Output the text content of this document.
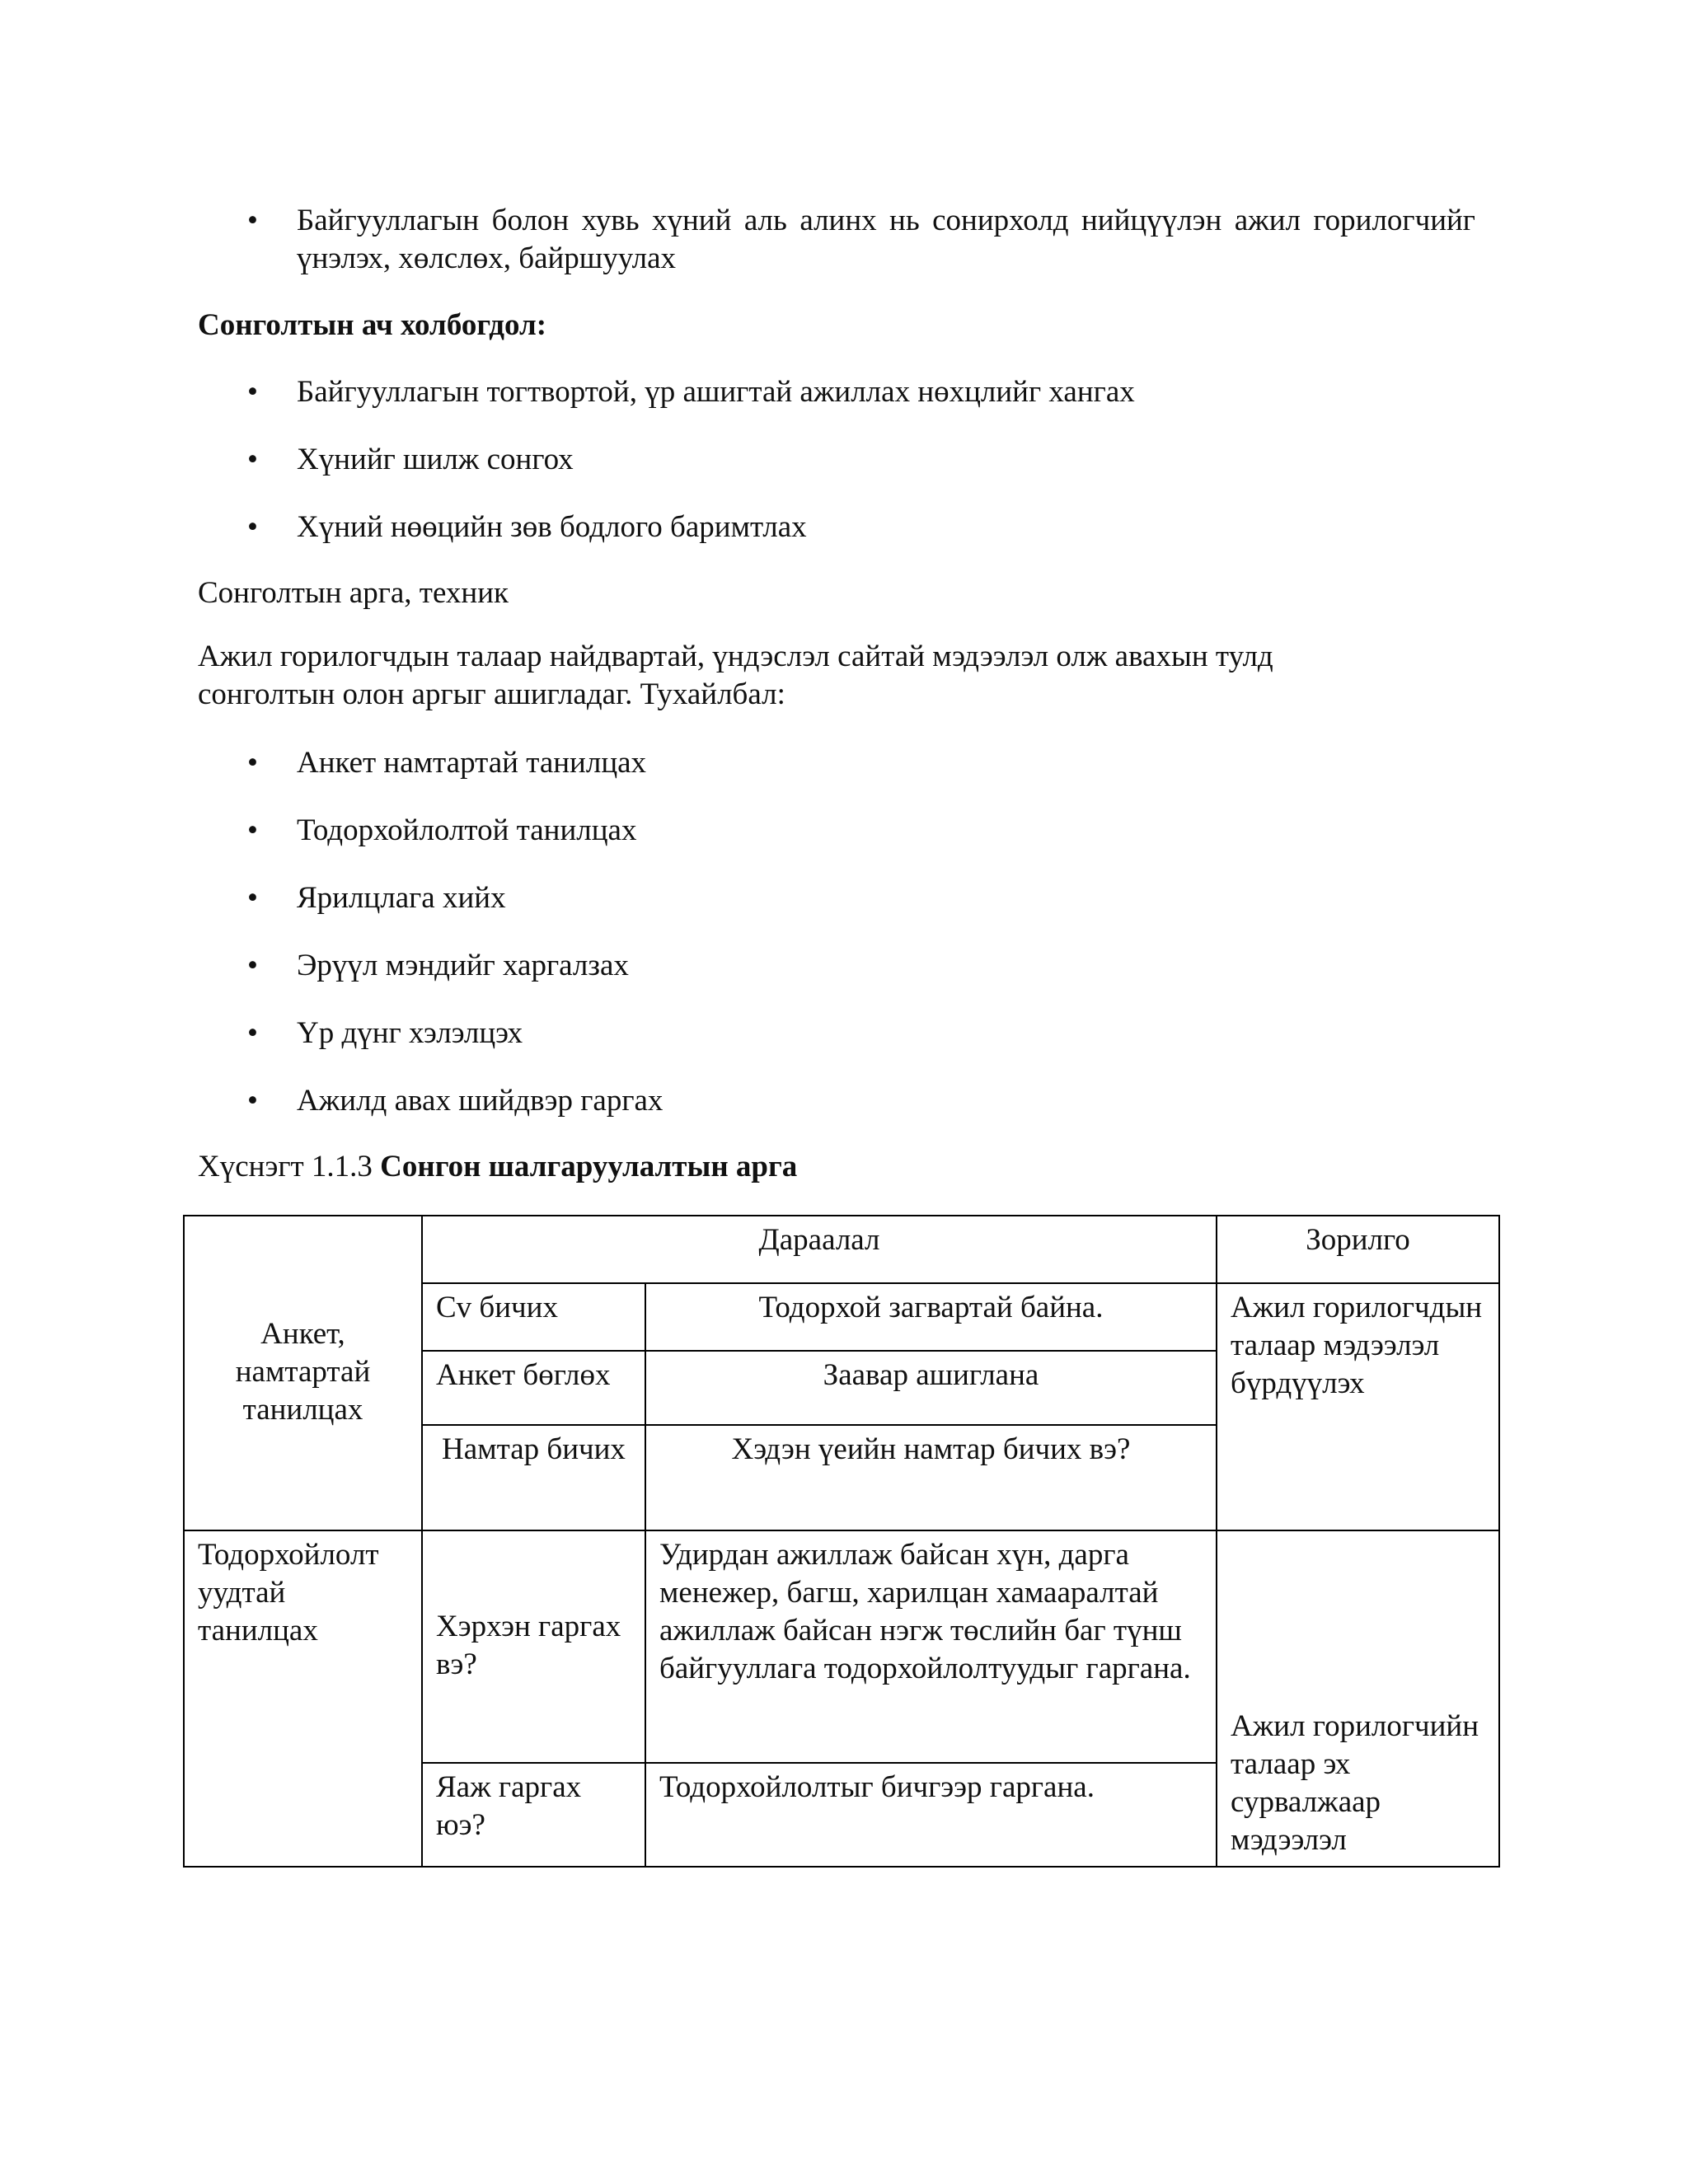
•	Байгууллагын болон хувь хүний аль алинх нь сонирхолд нийцүүлэн ажил горилогчийг үнэлэх, хөлслөх, байршуулах

Сонголтын ач холбогдол:

•	Байгууллагын тогтвортой, үр ашигтай ажиллах нөхцлийг хангах

•	Хүнийг шилж сонгох

•	Хүний нөөцийн зөв бодлого баримтлах

Сонголтын арга, техник

Ажил горилогчдын талаар найдвартай, үндэслэл сайтай мэдээлэл олж авахын тулд сонголтын олон аргыг ашигладаг. Тухайлбал:

•	Анкет намтартай танилцах

•	Тодорхойлолтой танилцах

•	Ярилцлага хийх

•	Эрүүл мэндийг харгалзах

•	Үр дүнг хэлэлцэх

•	Ажилд авах шийдвэр гаргах

Хүснэгт 1.1.3 Сонгон шалгаруулалтын арга

Анкет, намтартай танилцах	Дараалал		Зорилго
	Cv бичих	Тодорхой загвартай байна.	Ажил горилогчдын талаар мэдээлэл бүрдүүлэх
	Анкет бөглөх	Заавар ашиглана	
	Намтар бичих	Хэдэн үеийн намтар бичих вэ?	
Тодорхойлолт уудтай танилцах	Хэрхэн гаргах вэ?	Удирдан ажиллаж байсан хүн, дарга менежер, багш, харилцан хамааралтай ажиллаж байсан нэгж төслийн баг түнш байгууллага тодорхойлолтуудыг гаргана.	Ажил горилогчийн талаар эх сурвалжаар мэдээлэл
	Яаж гаргах юэ?	Тодорхойлолтыг бичгээр гаргана.	
